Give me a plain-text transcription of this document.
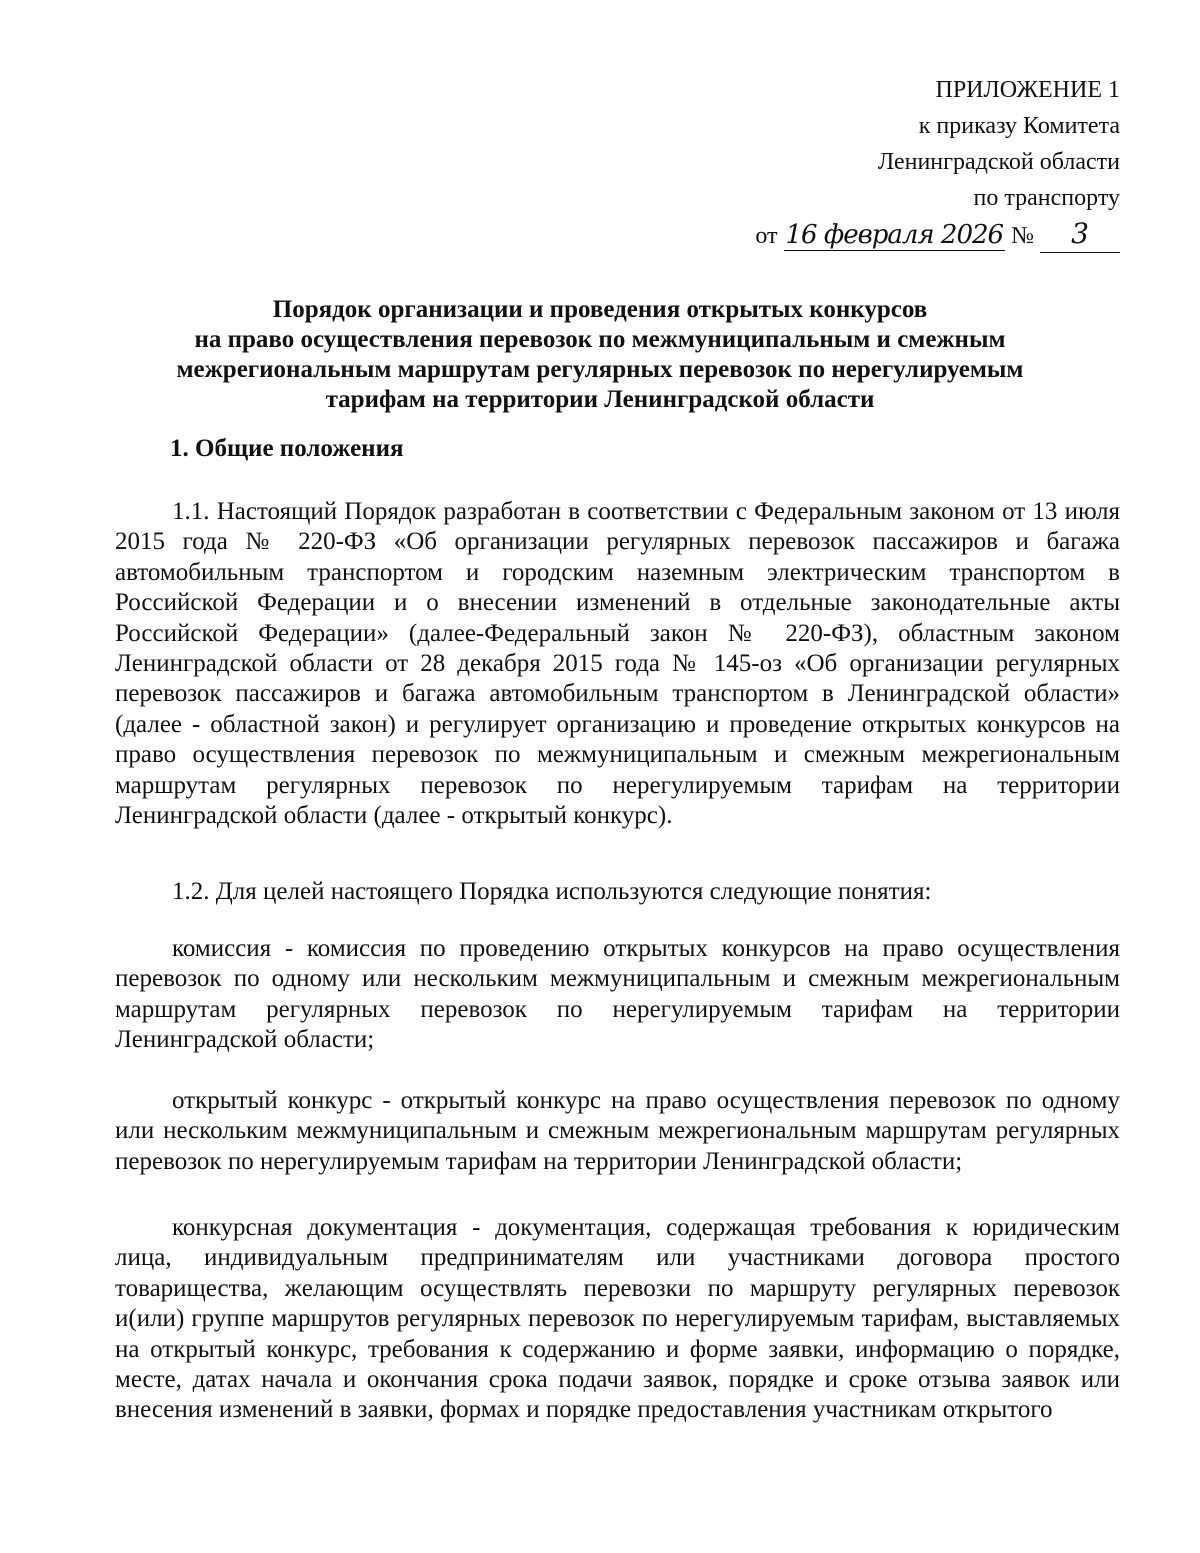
ПРИЛОЖЕНИЕ 1
к приказу Комитета
Ленинградской области
по транспорту
от 16 февраля 2026 № 3
Порядок организации и проведения открытых конкурсов
на право осуществления перевозок по межмуниципальным и смежным
межрегиональным маршрутам регулярных перевозок по нерегулируемым
тарифам на территории Ленинградской области
1. Общие положения

1.1. Настоящий Порядок разработан в соответствии с Федеральным законом от 13 июля 2015 года № 220-ФЗ «Об организации регулярных перевозок пассажиров и багажа автомобильным транспортом и городским наземным электрическим транспортом в Российской Федерации и о внесении изменений в отдельные законодательные акты Российской Федерации» (далее-Федеральный закон № 220-ФЗ), областным законом Ленинградской области от 28 декабря 2015 года № 145-оз «Об организации регулярных перевозок пассажиров и багажа автомобильным транспортом в Ленинградской области» (далее - областной закон) и регулирует организацию и проведение открытых конкурсов на право осуществления перевозок по межмуниципальным и смежным межрегиональным маршрутам регулярных перевозок по нерегулируемым тарифам на территории Ленинградской области (далее - открытый конкурс).

1.2. Для целей настоящего Порядка используются следующие понятия:

комиссия - комиссия по проведению открытых конкурсов на право осуществления перевозок по одному или нескольким межмуниципальным и смежным межрегиональным маршрутам регулярных перевозок по нерегулируемым тарифам на территории Ленинградской области;

открытый конкурс - открытый конкурс на право осуществления перевозок по одному или нескольким межмуниципальным и смежным межрегиональным маршрутам регулярных перевозок по нерегулируемым тарифам на территории Ленинградской области;

конкурсная документация - документация, содержащая требования к юридическим лица, индивидуальным предпринимателям или участниками договора простого товарищества, желающим осуществлять перевозки по маршруту регулярных перевозок и(или) группе маршрутов регулярных перевозок по нерегулируемым тарифам, выставляемых на открытый конкурс, требования к содержанию и форме заявки, информацию о порядке, месте, датах начала и окончания срока подачи заявок, порядке и сроке отзыва заявок или внесения изменений в заявки, формах и порядке предоставления участникам открытого
